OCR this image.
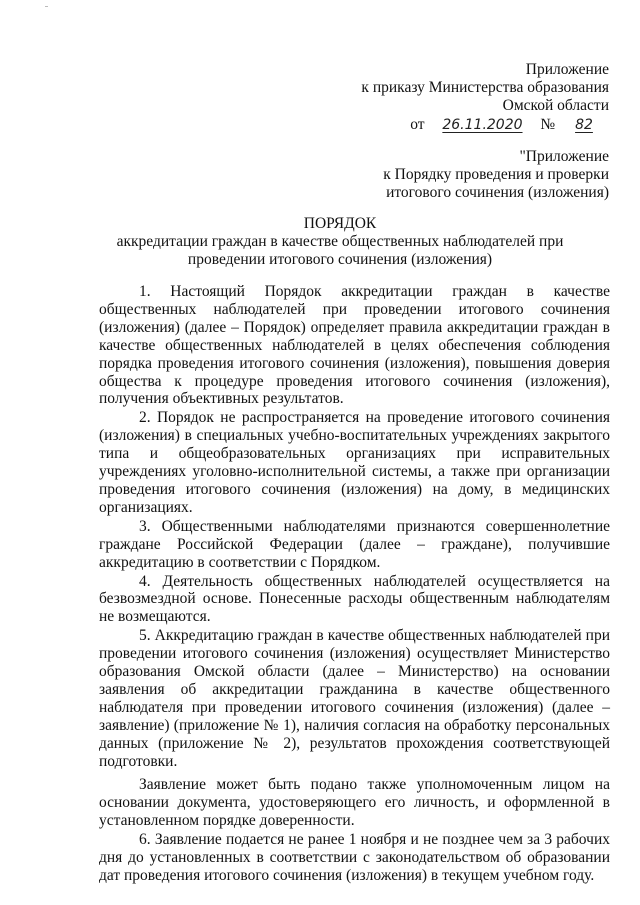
Приложение
к приказу Министерства образования
Омской области
от 26.11.2020 № 82
"Приложение
к Порядку проведения и проверки
итогового сочинения (изложения)
ПОРЯДОК
аккредитации граждан в качестве общественных наблюдателей при
проведении итогового сочинения (изложения)

1. Настоящий Порядок аккредитации граждан в качестве общественных наблюдателей при проведении итогового сочинения (изложения) (далее – Порядок) определяет правила аккредитации граждан в качестве общественных наблюдателей в целях обеспечения соблюдения порядка проведения итогового сочинения (изложения), повышения доверия общества к процедуре проведения итогового сочинения (изложения), получения объективных результатов.

2. Порядок не распространяется на проведение итогового сочинения (изложения) в специальных учебно-воспитательных учреждениях закрытого типа и общеобразовательных организациях при исправительных учреждениях уголовно-исполнительной системы, а также при организации проведения итогового сочинения (изложения) на дому, в медицинских организациях.

3. Общественными наблюдателями признаются совершеннолетние граждане Российской Федерации (далее – граждане), получившие аккредитацию в соответствии с Порядком.

4. Деятельность общественных наблюдателей осуществляется на безвозмездной основе. Понесенные расходы общественным наблюдателям не возмещаются.

5. Аккредитацию граждан в качестве общественных наблюдателей при проведении итогового сочинения (изложения) осуществляет Министерство образования Омской области (далее – Министерство) на основании заявления об аккредитации гражданина в качестве общественного наблюдателя при проведении итогового сочинения (изложения) (далее – заявление) (приложение № 1), наличия согласия на обработку персональных данных (приложение № 2), результатов прохождения соответствующей подготовки.

Заявление может быть подано также уполномоченным лицом на основании документа, удостоверяющего его личность, и оформленной в установленном порядке доверенности.

6. Заявление подается не ранее 1 ноября и не позднее чем за 3 рабочих дня до установленных в соответствии с законодательством об образовании дат проведения итогового сочинения (изложения) в текущем учебном году.
